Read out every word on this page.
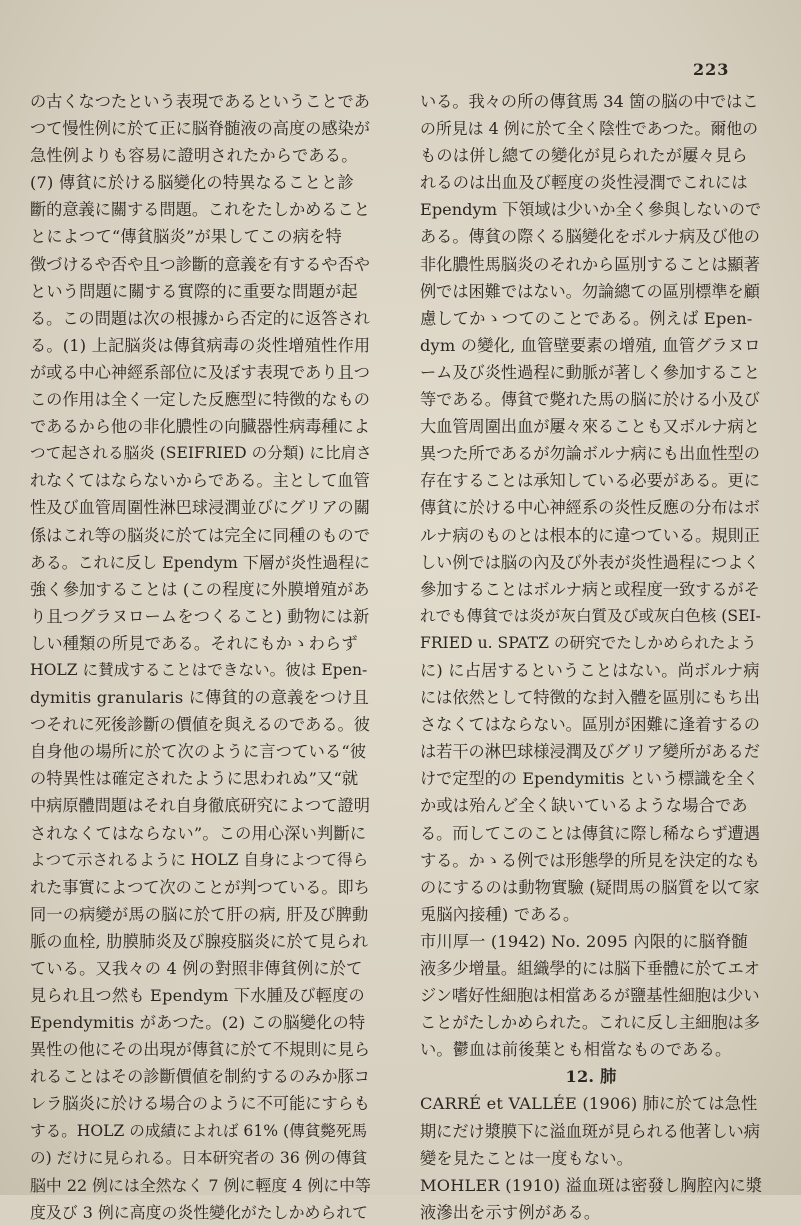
223
の古くなつたという表現であるということであ
つて慢性例に於て正に脳脊髄液の高度の感染が
急性例よりも容易に證明されたからである。
(7) 傳貧に於ける脳變化の特異なることと診
斷的意義に關する問題。これをたしかめること
とによつて“傳貧脳炎”が果してこの病を特
徴づけるや否や且つ診斷的意義を有するや否や
という問題に關する實際的に重要な問題が起
る。この問題は次の根據から否定的に返答され
る。(1) 上記脳炎は傳貧病毒の炎性增殖性作用
が或る中心神經系部位に及ぼす表現であり且つ
この作用は全く一定した反應型に特徴的なもの
であるから他の非化膿性の向臓器性病毒種によ
つて起される脳炎 (SEIFRIED の分類) に比肩さ
れなくてはならないからである。主として血管
性及び血管周圍性淋巴球浸潤並びにグリアの關
係はこれ等の脳炎に於ては完全に同種のもので
ある。これに反し Ependym 下層が炎性過程に
強く參加することは (この程度に外膜增殖があ
り且つグラヌロームをつくること) 動物には新
しい種類の所見である。それにもかゝわらず
HOLZ に賛成することはできない。彼は Epen-
dymitis granularis に傳貧的の意義をつけ且
つそれに死後診斷の價値を與えるのである。彼
自身他の場所に於て次のように言つている“彼
の特異性は確定されたように思われぬ”又“就
中病原體問題はそれ自身徹底研究によつて證明
されなくてはならない”。この用心深い判斷に
よつて示されるように HOLZ 自身によつて得ら
れた事實によつて次のことが判つている。即ち
同一の病變が馬の脳に於て肝の病, 肝及び脾動
脈の血栓, 肋膜肺炎及び腺疫脳炎に於て見られ
ている。又我々の 4 例の對照非傳貧例に於て
見られ且つ然も Ependym 下水腫及び輕度の
Ependymitis があつた。(2) この脳變化の特
異性の他にその出現が傳貧に於て不規則に見ら
れることはその診斷價値を制約するのみか豚コ
レラ脳炎に於ける場合のように不可能にすらも
する。HOLZ の成績によれば 61% (傳貧斃死馬
の) だけに見られる。日本研究者の 36 例の傳貧
脳中 22 例には全然なく 7 例に輕度 4 例に中等
度及び 3 例に高度の炎性變化がたしかめられて
いる。我々の所の傳貧馬 34 箇の脳の中ではこ
の所見は 4 例に於て全く陰性であつた。爾他の
ものは併し總ての變化が見られたが屢々見ら
れるのは出血及び輕度の炎性浸潤でこれには
Ependym 下領域は少いか全く參與しないので
ある。傳貧の際くる脳變化をボルナ病及び他の
非化膿性馬脳炎のそれから區別することは顯著
例では困難ではない。勿論總ての區別標準を顧
慮してかゝつてのことである。例えば Epen-
dym の變化, 血管壁要素の增殖, 血管グラヌロ
ーム及び炎性過程に動脈が著しく參加すること
等である。傳貧で斃れた馬の脳に於ける小及び
大血管周圍出血が屢々來ることも又ボルナ病と
異つた所であるが勿論ボルナ病にも出血性型の
存在することは承知している必要がある。更に
傳貧に於ける中心神經系の炎性反應の分布はボ
ルナ病のものとは根本的に違つている。規則正
しい例では脳の內及び外表が炎性過程につよく
參加することはボルナ病と或程度一致するがそ
れでも傳貧では炎が灰白質及び或灰白色核 (SEI-
FRIED u. SPATZ の研究でたしかめられたよう
に) に占居するということはない。尚ボルナ病
には依然として特徴的な封入體を區別にもち出
さなくてはならない。區別が困難に逢着するの
は若干の淋巴球様浸潤及びグリア變所があるだ
けで定型的の Ependymitis という標識を全く
か或は殆んど全く缺いているような場合であ
る。而してこのことは傳貧に際し稀ならず遭遇
する。かゝる例では形態學的所見を決定的なも
のにするのは動物實驗 (疑問馬の脳質を以て家
兎脳內接種) である。
市川厚一 (1942) No. 2095 內限的に脳脊髄
液多少增量。組織學的には脳下垂體に於てエオ
ジン嗜好性細胞は相當あるが鹽基性細胞は少い
ことがたしかめられた。これに反し主細胞は多
い。鬱血は前後葉とも相當なものである。
12. 肺
CARRÉ et VALLÉE (1906) 肺に於ては急性
期にだけ漿膜下に溢血斑が見られる他著しい病
變を見たことは一度もない。
MOHLER (1910) 溢血斑は密發し胸腔內に漿
液滲出を示す例がある。
